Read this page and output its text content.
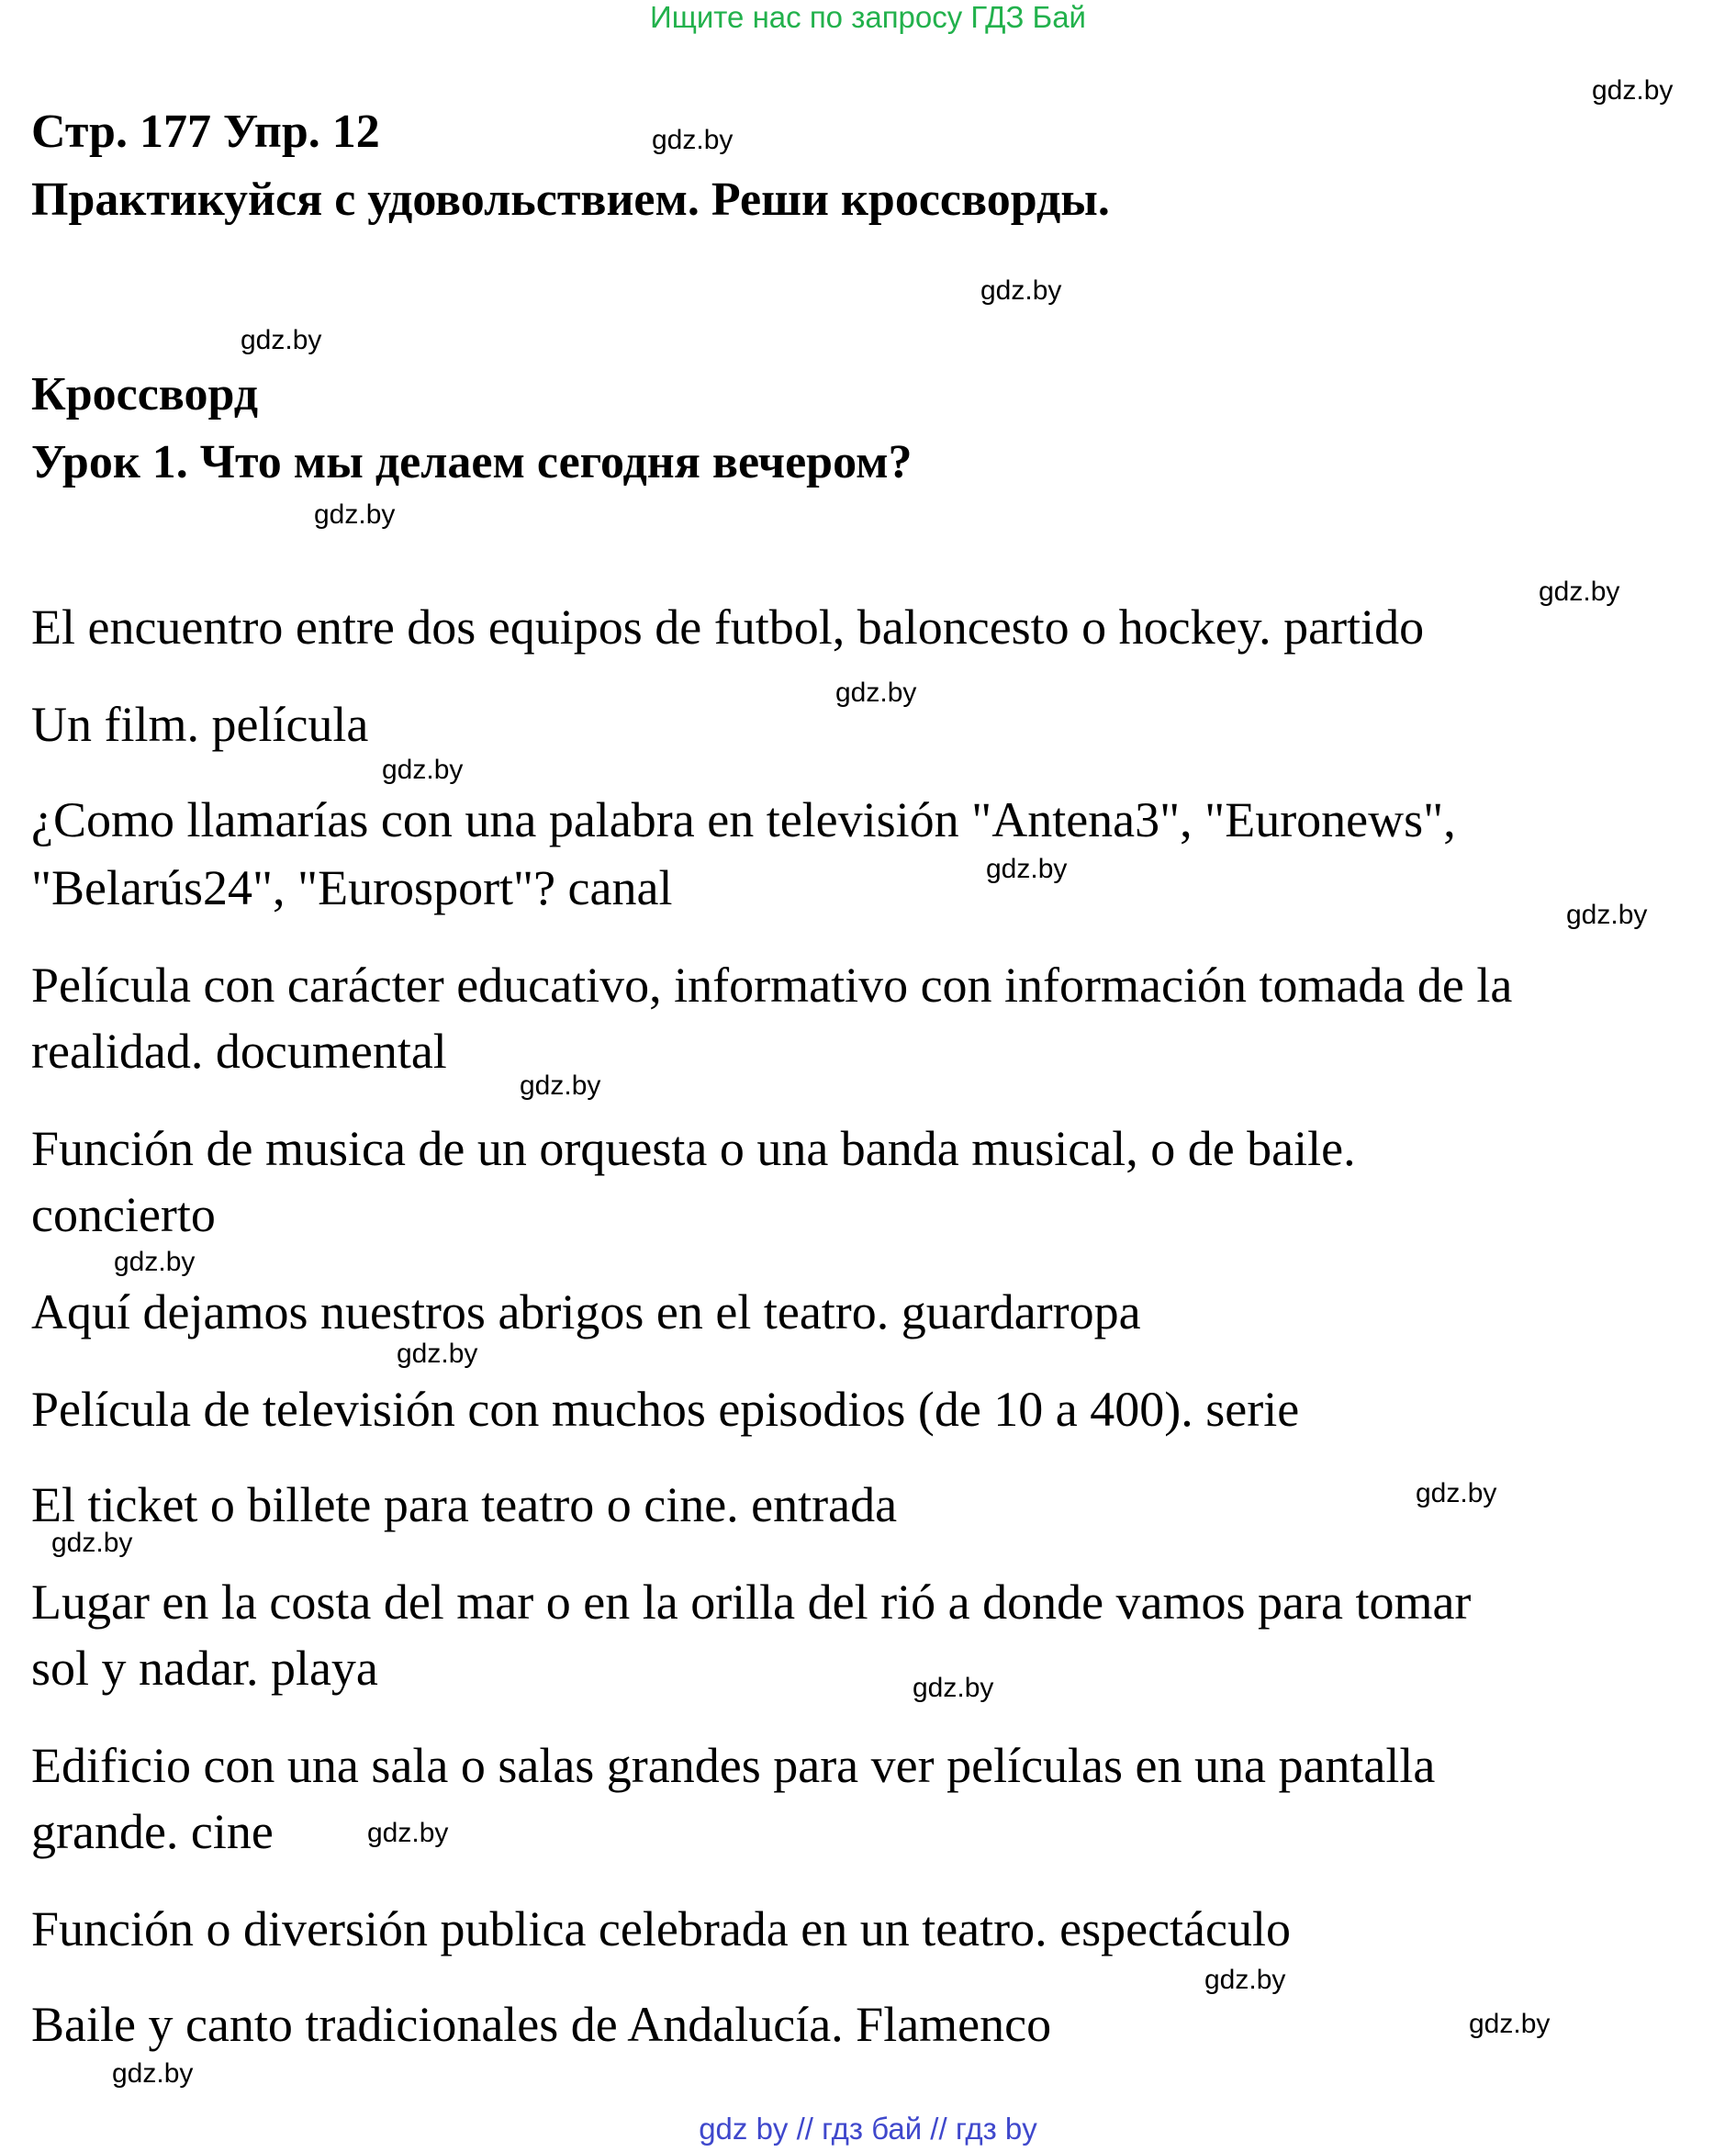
Ищите нас по запросу ГДЗ Бай
Стр. 177 Упр. 12
Практикуйся с удовольствием. Реши кроссворды.
Кроссворд
Урок 1. Что мы делаем сегодня вечером?
El encuentro entre dos equipos de futbol, baloncesto o hockey. partido
Un film. película
¿Como llamarías con una palabra en televisión "Antena3", "Euronews",
"Belarús24", "Eurosport"? canal
Película con carácter educativo, informativo con información tomada de la
realidad. documental
Función de musica de un orquesta o una banda musical, o de baile.
concierto
Aquí dejamos nuestros abrigos en el teatro. guardarropa
Película de televisión con muchos episodios (de 10 a 400). serie
El ticket o billete para teatro o cine. entrada
Lugar en la costa del mar o en la orilla del rió a donde vamos para tomar
sol y nadar. playa
Edificio con una sala o salas grandes para ver películas en una pantalla
grande. cine
Función o diversión publica celebrada en un teatro. espectáculo
Baile y canto tradicionales de Andalucía. Flamenco
gdz.by
gdz.by
gdz.by
gdz.by
gdz.by
gdz.by
gdz.by
gdz.by
gdz.by
gdz.by
gdz.by
gdz.by
gdz.by
gdz.by
gdz.by
gdz.by
gdz.by
gdz.by
gdz.by
gdz.by
gdz by // гдз бай // гдз by
